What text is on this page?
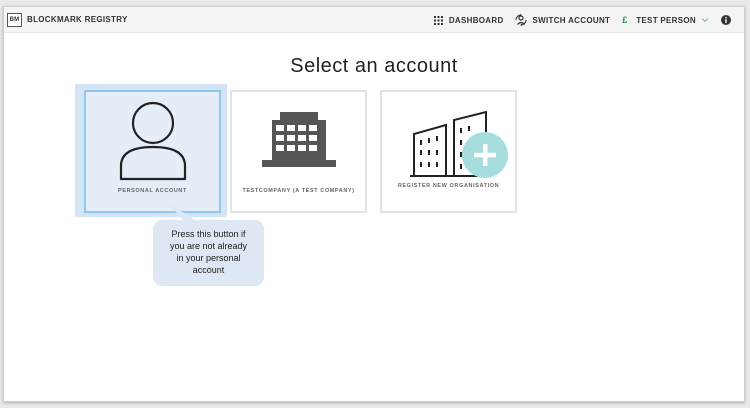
BM BLOCKMARK REGISTRY	DASHBOARD	SWITCH ACCOUNT £ TEST PERSON
Select an account
PERSONAL ACCOUNT	TESTCOMPANY (A TEST COMPANY)
REGISTER NEW ORGANISATION
Press this button if
you are not already
in your personal
account
